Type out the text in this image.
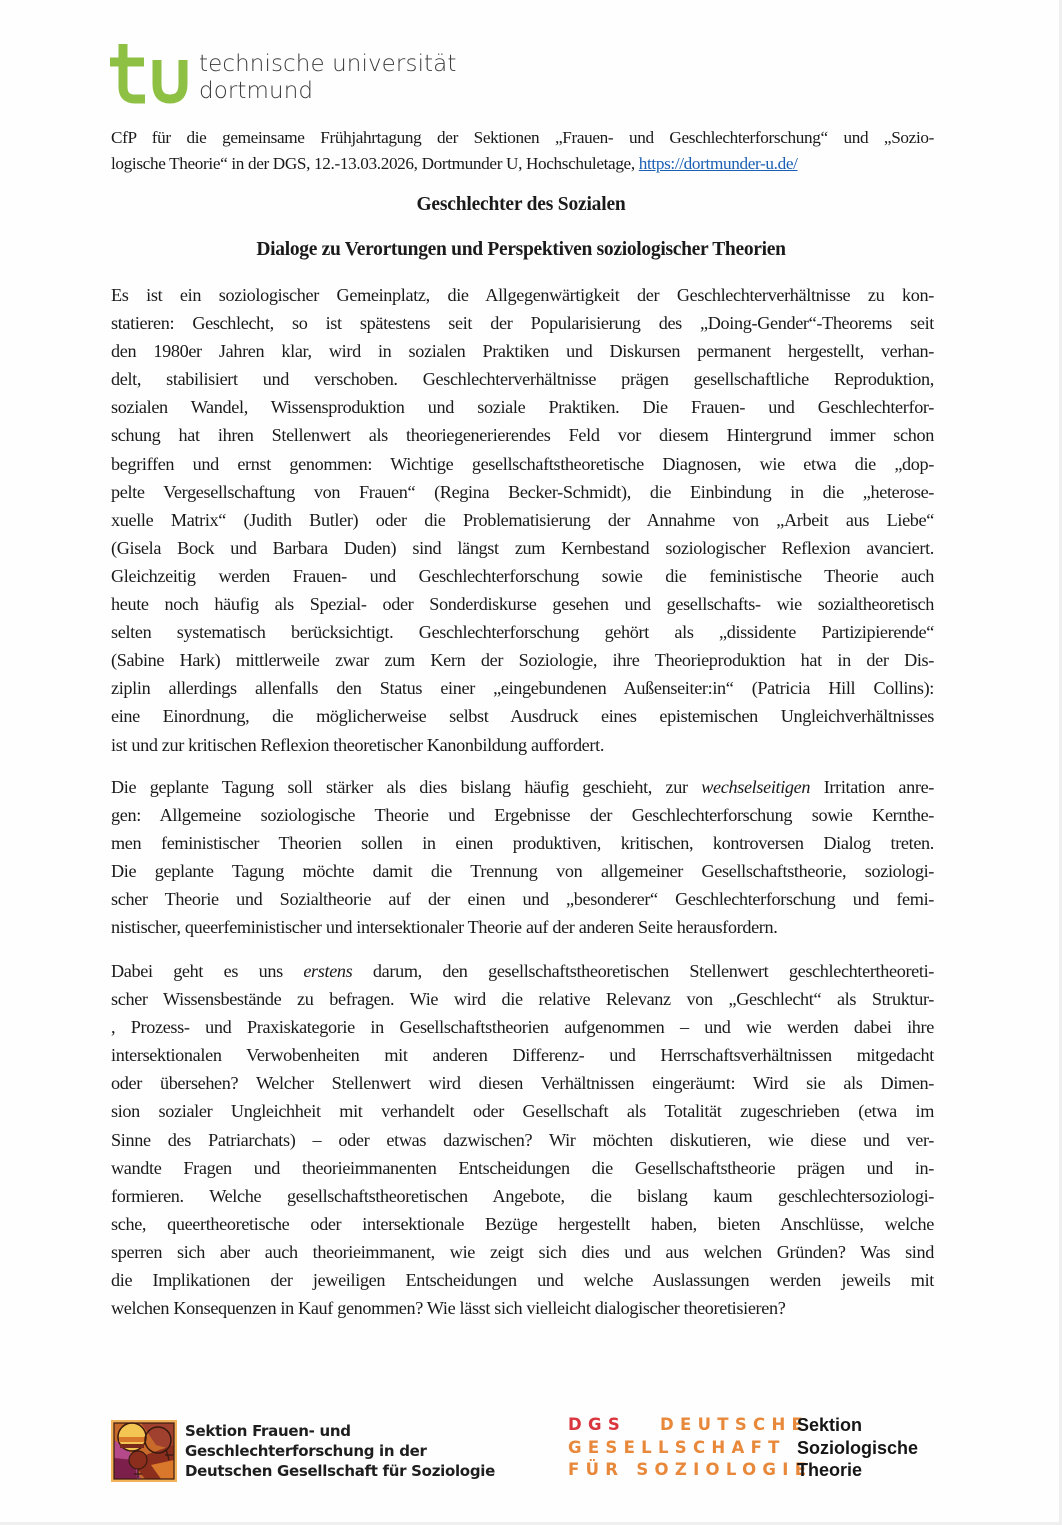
technische universität
dortmund
CfP für die gemeinsame Frühjahrtagung der Sektionen „Frauen- und Geschlechterforschung“ und „Sozio-
logische Theorie“ in der DGS, 12.-13.03.2026, Dortmunder U, Hochschuletage, https://dortmunder-u.de/
Geschlechter des Sozialen
Dialoge zu Verortungen und Perspektiven soziologischer Theorien
Es ist ein soziologischer Gemeinplatz, die Allgegenwärtigkeit der Geschlechterverhältnisse zu kon-
statieren: Geschlecht, so ist spätestens seit der Popularisierung des „Doing-Gender“-Theorems seit
den 1980er Jahren klar, wird in sozialen Praktiken und Diskursen permanent hergestellt, verhan-
delt, stabilisiert und verschoben. Geschlechterverhältnisse prägen gesellschaftliche Reproduktion,
sozialen Wandel, Wissensproduktion und soziale Praktiken. Die Frauen- und Geschlechterfor-
schung hat ihren Stellenwert als theoriegenerierendes Feld vor diesem Hintergrund immer schon
begriffen und ernst genommen: Wichtige gesellschaftstheoretische Diagnosen, wie etwa die „dop-
pelte Vergesellschaftung von Frauen“ (Regina Becker-Schmidt), die Einbindung in die „heterose-
xuelle Matrix“ (Judith Butler) oder die Problematisierung der Annahme von „Arbeit aus Liebe“
(Gisela Bock und Barbara Duden) sind längst zum Kernbestand soziologischer Reflexion avanciert.
Gleichzeitig werden Frauen- und Geschlechterforschung sowie die feministische Theorie auch
heute noch häufig als Spezial- oder Sonderdiskurse gesehen und gesellschafts- wie sozialtheoretisch
selten systematisch berücksichtigt. Geschlechterforschung gehört als „dissidente Partizipierende“
(Sabine Hark) mittlerweile zwar zum Kern der Soziologie, ihre Theorieproduktion hat in der Dis-
ziplin allerdings allenfalls den Status einer „eingebundenen Außenseiter:in“ (Patricia Hill Collins):
eine Einordnung, die möglicherweise selbst Ausdruck eines epistemischen Ungleichverhältnisses
ist und zur kritischen Reflexion theoretischer Kanonbildung auffordert.
Die geplante Tagung soll stärker als dies bislang häufig geschieht, zur wechselseitigen Irritation anre-
gen: Allgemeine soziologische Theorie und Ergebnisse der Geschlechterforschung sowie Kernthe-
men feministischer Theorien sollen in einen produktiven, kritischen, kontroversen Dialog treten.
Die geplante Tagung möchte damit die Trennung von allgemeiner Gesellschaftstheorie, soziologi-
scher Theorie und Sozialtheorie auf der einen und „besonderer“ Geschlechterforschung und femi-
nistischer, queerfeministischer und intersektionaler Theorie auf der anderen Seite herausfordern.
Dabei geht es uns erstens darum, den gesellschaftstheoretischen Stellenwert geschlechtertheoreti-
scher Wissensbestände zu befragen. Wie wird die relative Relevanz von „Geschlecht“ als Struktur-
, Prozess- und Praxiskategorie in Gesellschaftstheorien aufgenommen – und wie werden dabei ihre
intersektionalen Verwobenheiten mit anderen Differenz- und Herrschaftsverhältnissen mitgedacht
oder übersehen? Welcher Stellenwert wird diesen Verhältnissen eingeräumt: Wird sie als Dimen-
sion sozialer Ungleichheit mit verhandelt oder Gesellschaft als Totalität zugeschrieben (etwa im
Sinne des Patriarchats) – oder etwas dazwischen? Wir möchten diskutieren, wie diese und ver-
wandte Fragen und theorieimmanenten Entscheidungen die Gesellschaftstheorie prägen und in-
formieren. Welche gesellschaftstheoretischen Angebote, die bislang kaum geschlechtersoziologi-
sche, queertheoretische oder intersektionale Bezüge hergestellt haben, bieten Anschlüsse, welche
sperren sich aber auch theorieimmanent, wie zeigt sich dies und aus welchen Gründen? Was sind
die Implikationen der jeweiligen Entscheidungen und welche Auslassungen werden jeweils mit
welchen Konsequenzen in Kauf genommen? Wie lässt sich vielleicht dialogischer theoretisieren?
Sektion Frauen- und
Geschlechterforschung in der
Deutschen Gesellschaft für Soziologie
DGS DEUTSCHE
Sektion
GESELLSCHAFT Soziologische
FÜR SOZIOLOGIE
Theorie
